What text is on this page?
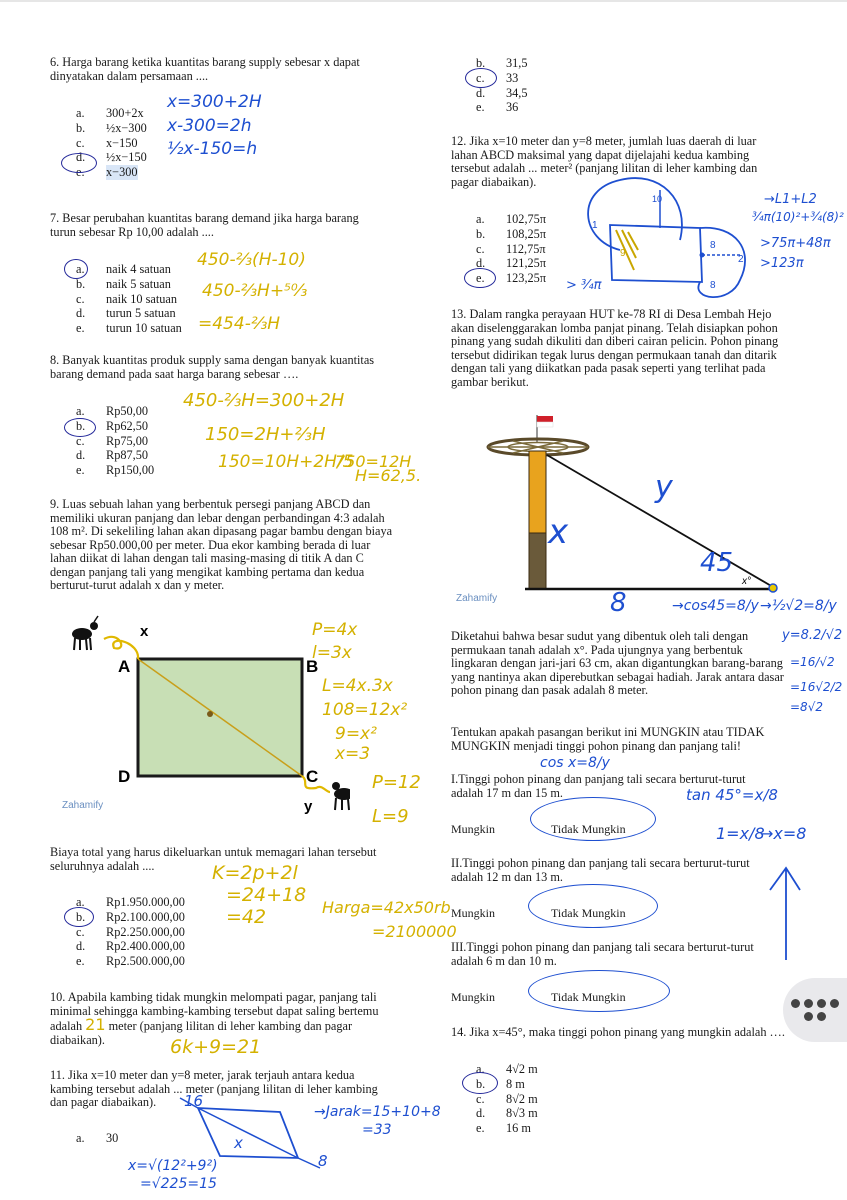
6. Harga barang ketika kuantitas barang supply sebesar x dapat dinyatakan dalam persamaan ....
a.	300+2x
b.	½x−300
c.	x−150
d.	½x−150
e.	x−300
x=300+2H
x-300=2h
½x-150=h
7. Besar perubahan kuantitas barang demand jika harga barang turun sebesar Rp 10,00 adalah ....
a.	naik 4 satuan
b.	naik 5 satuan
c.	naik 10 satuan
d.	turun 5 satuan
e.	turun 10 satuan
450-⅔(H-10)
450-⅔H+⁵⁰⁄₃
=454-⅔H
8. Banyak kuantitas produk supply sama dengan banyak kuantitas barang demand pada saat harga barang sebesar ….
a.	Rp50,00
b.	Rp62,50
c.	Rp75,00
d.	Rp87,50
e.	Rp150,00
450-⅔H=300+2H
150=2H+⅔H
150=10H+2H/5
750=12H
H=62,5.
9. Luas sebuah lahan yang berbentuk persegi panjang ABCD dan memiliki ukuran panjang dan lebar dengan perbandingan 4:3 adalah 108 m². Di sekeliling lahan akan dipasang pagar bambu dengan biaya sebesar Rp50.000,00 per meter. Dua ekor kambing berada di luar lahan diikat di lahan dengan tali masing-masing di titik A dan C dengan panjang tali yang mengikat kambing pertama dan kedua berturut-turut adalah x dan y meter.
x
A	B
D	C
y
Zahamify
P=4x
l=3x
L=4x.3x
108=12x²
9=x²
x=3
P=12
L=9
Biaya total yang harus dikeluarkan untuk memagari lahan tersebut seluruhnya adalah ....
a.	Rp1.950.000,00
b.	Rp2.100.000,00
c.	Rp2.250.000,00
d.	Rp2.400.000,00
e.	Rp2.500.000,00
K=2p+2l
=24+18
=42	Harga=42x50rb
=2100000
10. Apabila kambing tidak mungkin melompati pagar, panjang tali minimal sehingga kambing-kambing tersebut dapat saling bertemu adalah 21 meter (panjang lilitan di leher kambing dan pagar diabaikan).	6k+9=21
11. Jika x=10 meter dan y=8 meter, jarak terjauh antara kedua kambing tersebut adalah ... meter (panjang lilitan di leher kambing dan pagar diabaikan).
a.	30
16
x
8
x=√(12²+9²)
=√225=15
→Jarak=15+10+8
=33
b.	31,5
c.	33
d.	34,5
e.	36
12. Jika x=10 meter dan y=8 meter, jumlah luas daerah di luar lahan ABCD maksimal yang dapat dijelajahi kedua kambing tersebut adalah ... meter² (panjang lilitan di leher kambing dan pagar diabaikan).
a.	102,75π
b.	108,25π
c.	112,75π
d.	121,25π
e.	123,25π
10
8
8
2
1
9
→L1+L2
¾π(10)²+¾(8)²
>75π+48π
>123π
> ¾π
13. Dalam rangka perayaan HUT ke-78 RI di Desa Lembah Hejo akan diselenggarakan lomba panjat pinang. Telah disiapkan pohon pinang yang sudah dikuliti dan diberi cairan pelicin. Pohon pinang tersebut didirikan tegak lurus dengan permukaan tanah dan ditarik dengan tali yang diikatkan pada pasak seperti yang terlihat pada gambar berikut.
x°
Zahamify
y
x
45
8	→cos45=8/y →½√2=8/y
y=8.2/√2
=16/√2
=16√2/2
=8√2
Diketahui bahwa besar sudut yang dibentuk oleh tali dengan permukaan tanah adalah x°. Pada ujungnya yang berbentuk lingkaran dengan jari-jari 63 cm, akan digantungkan barang-barang yang nantinya akan diperebutkan sebagai hadiah. Jarak antara dasar pohon pinang dan pasak adalah 8 meter.
Tentukan apakah pasangan berikut ini MUNGKIN atau TIDAK MUNGKIN menjadi tinggi pohon pinang dan panjang tali!
cos x=8/y
I.Tinggi pohon pinang dan panjang tali secara berturut-turut adalah 17 m dan 15 m.
Mungkin	Tidak Mungkin
tan 45°=x/8
1=x/8
→x=8
II.Tinggi pohon pinang dan panjang tali secara berturut-turut adalah 12 m dan 13 m.
Mungkin	Tidak Mungkin
III.Tinggi pohon pinang dan panjang tali secara berturut-turut adalah 6 m dan 10 m.
Mungkin	Tidak Mungkin
14. Jika x=45°, maka tinggi pohon pinang yang mungkin adalah ….
a.	4√2 m
b.	8 m
c.	8√2 m
d.	8√3 m
e.	16 m
